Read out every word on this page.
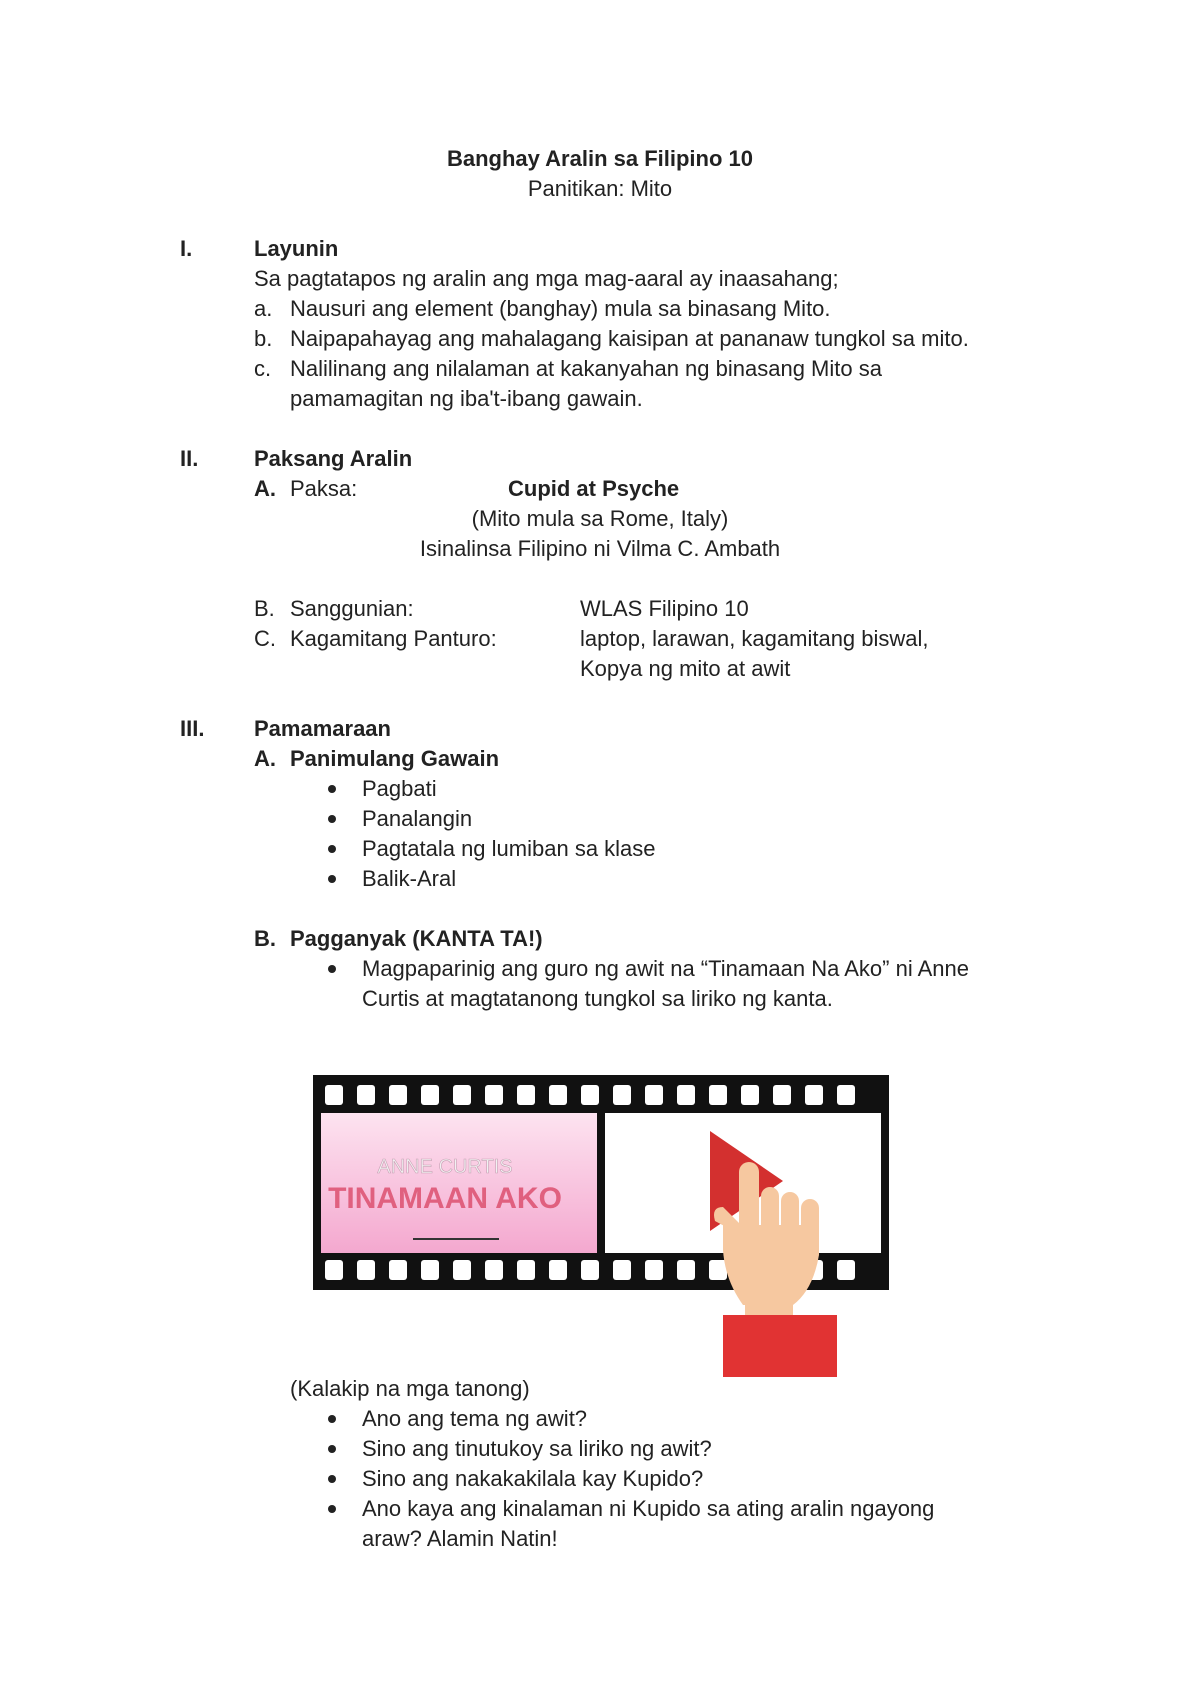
Banghay Aralin sa Filipino 10
Panitikan: Mito
I.	Layunin
Sa pagtatapos ng aralin ang mga mag-aaral ay inaasahang;
a. Nausuri ang element (banghay) mula sa binasang Mito.
b. Naipapahayag ang mahalagang kaisipan at pananaw tungkol sa mito.
c. Nalilinang ang nilalaman at kakanyahan ng binasang Mito sa
pamamagitan ng iba't-ibang gawain.
II.	Paksang Aralin
A. Paksa:	Cupid at Psyche
(Mito mula sa Rome, Italy)
Isinalinsa Filipino ni Vilma C. Ambath
B. Sanggunian:	WLAS Filipino 10
C. Kagamitang Panturo:	laptop, larawan, kagamitang biswal,
Kopya ng mito at awit
III. Pamamaraan
A. Panimulang Gawain
Pagbati
Panalangin
Pagtatala ng lumiban sa klase
Balik-Aral
B. Pagganyak (KANTA TA!)
Magpaparinig ang guro ng awit na “Tinamaan Na Ako” ni Anne
Curtis at magtatanong tungkol sa liriko ng kanta.
ANNE CURTIS
TINAMAAN AKO
(Kalakip na mga tanong)
Ano ang tema ng awit?
Sino ang tinutukoy sa liriko ng awit?
Sino ang nakakakilala kay Kupido?
Ano kaya ang kinalaman ni Kupido sa ating aralin ngayong
araw? Alamin Natin!
